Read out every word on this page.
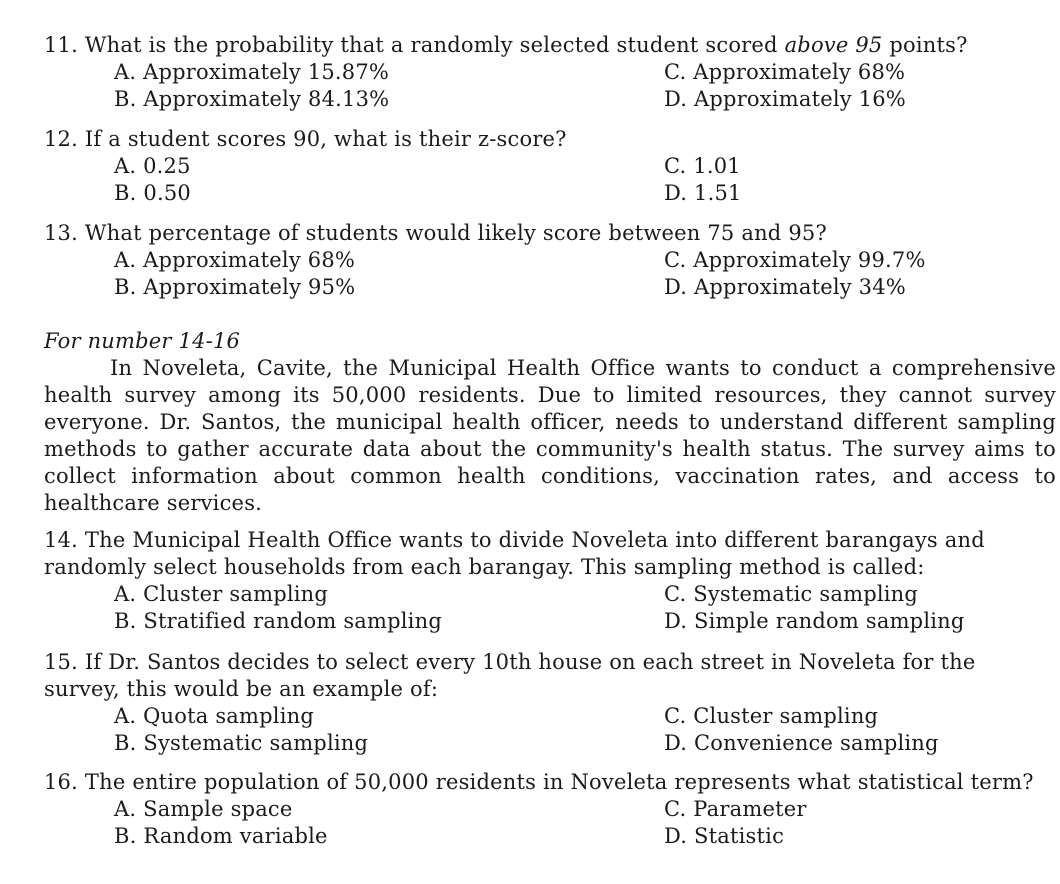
11. What is the probability that a randomly selected student scored above 95 points?

A. Approximately 15.87%	C. Approximately 68%

B. Approximately 84.13%	D. Approximately 16%

12. If a student scores 90, what is their z-score?

A. 0.25	C. 1.01

B. 0.50	D. 1.51

13. What percentage of students would likely score between 75 and 95?

A. Approximately 68%	C. Approximately 99.7%

B. Approximately 95%	D. Approximately 34%

For number 14-16

In Noveleta, Cavite, the Municipal Health Office wants to conduct a comprehensive health survey among its 50,000 residents. Due to limited resources, they cannot survey everyone. Dr. Santos, the municipal health officer, needs to understand different sampling methods to gather accurate data about the community's health status. The survey aims to collect information about common health conditions, vaccination rates, and access to healthcare services.

14. The Municipal Health Office wants to divide Noveleta into different barangays and randomly select households from each barangay. This sampling method is called:

A. Cluster sampling	C. Systematic sampling

B. Stratified random sampling	D. Simple random sampling

15. If Dr. Santos decides to select every 10th house on each street in Noveleta for the survey, this would be an example of:

A. Quota sampling	C. Cluster sampling

B. Systematic sampling	D. Convenience sampling

16. The entire population of 50,000 residents in Noveleta represents what statistical term?

A. Sample space	C. Parameter

B. Random variable	D. Statistic
